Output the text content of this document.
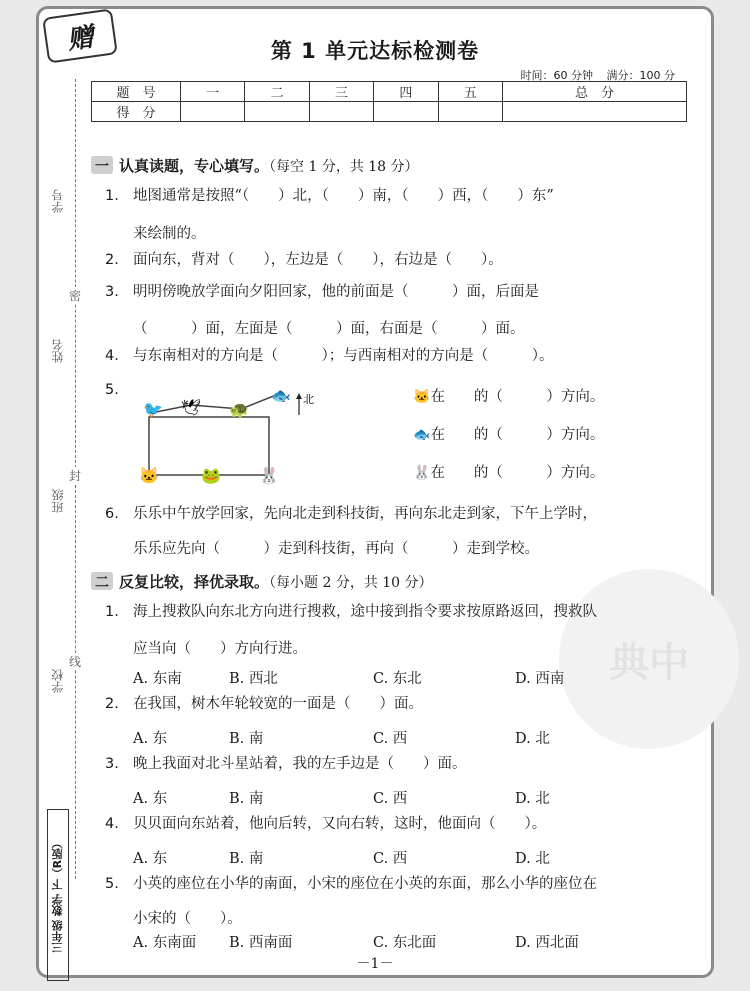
赠
学号
姓名
班级
学校
密
封
线
三年级 数学 下（R版）
第 1 单元达标检测卷
时间：60 分钟 满分：100 分
题　号	一	二	三	四	五	总　分
得　分						
典中
一 认真读题，专心填写。（每空 1 分，共 18 分）
1. 地图通常是按照“（　　）北，（　　）南，（　　）西，（　　）东”
来绘制的。
2. 面向东，背对（　　），左边是（　　），右边是（　　）。
3. 明明傍晚放学面向夕阳回家，他的前面是（　　　）面，后面是
（　　　）面，左面是（　　　）面，右面是（　　　）面。
4. 与东南相对的方向是（　　　）；与西南相对的方向是（　　　）。
5.
🐦 🕊 🐢
🐟
🐱	🐸 🐰
北	🐱在　　的（　　　）方向。
🐟在　　的（　　　）方向。
🐰在　　的（　　　）方向。
6. 乐乐中午放学回家，先向北走到科技街，再向东北走到家，下午上学时，
乐乐应先向（　　　）走到科技街，再向（　　　）走到学校。
二 反复比较，择优录取。（每小题 2 分，共 10 分）
1. 海上搜救队向东北方向进行搜救，途中接到指令要求按原路返回，搜救队
应当向（　　）方向行进。
A. 东南	B. 西北	C. 东北	D. 西南
2. 在我国，树木年轮较宽的一面是（　　）面。
A. 东	B. 南	C. 西	D. 北
3. 晚上我面对北斗星站着，我的左手边是（　　）面。
A. 东	B. 南	C. 西	D. 北
4. 贝贝面向东站着，他向后转，又向右转，这时，他面向（　　）。
A. 东	B. 南	C. 西	D. 北
5. 小英的座位在小华的南面，小宋的座位在小英的东面，那么小华的座位在
小宋的（　　）。
A. 东南面 B. 西南面	C. 东北面	D. 西北面
－1－
